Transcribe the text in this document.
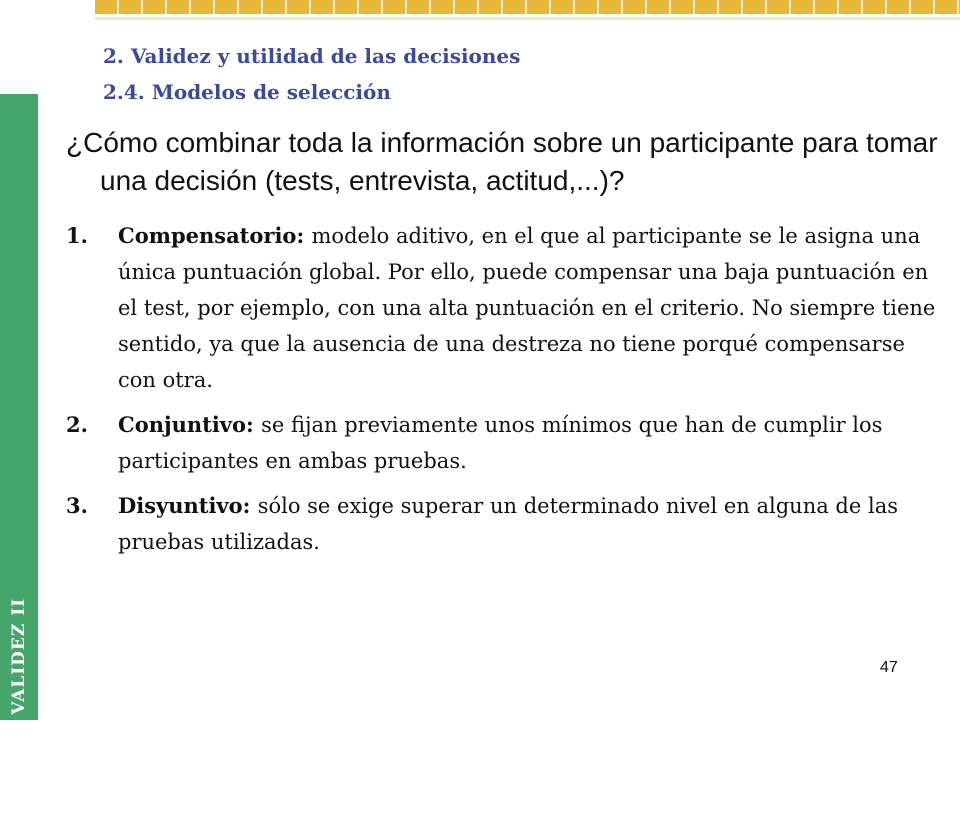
TEMA 6.2: VALIDEZ II
2. Validez y utilidad de las decisiones
2.4. Modelos de selección
¿Cómo combinar toda la información sobre un participante para tomar una decisión (tests, entrevista, actitud,...)?
1. Compensatorio: modelo aditivo, en el que al participante se le asigna una única puntuación global. Por ello, puede compensar una baja puntuación en el test, por ejemplo, con una alta puntuación en el criterio. No siempre tiene sentido, ya que la ausencia de una destreza no tiene porqué compensarse con otra.
2. Conjuntivo: se fijan previamente unos mínimos que han de cumplir los participantes en ambas pruebas.
3. Disyuntivo: sólo se exige superar un determinado nivel en alguna de las pruebas utilizadas.
47
